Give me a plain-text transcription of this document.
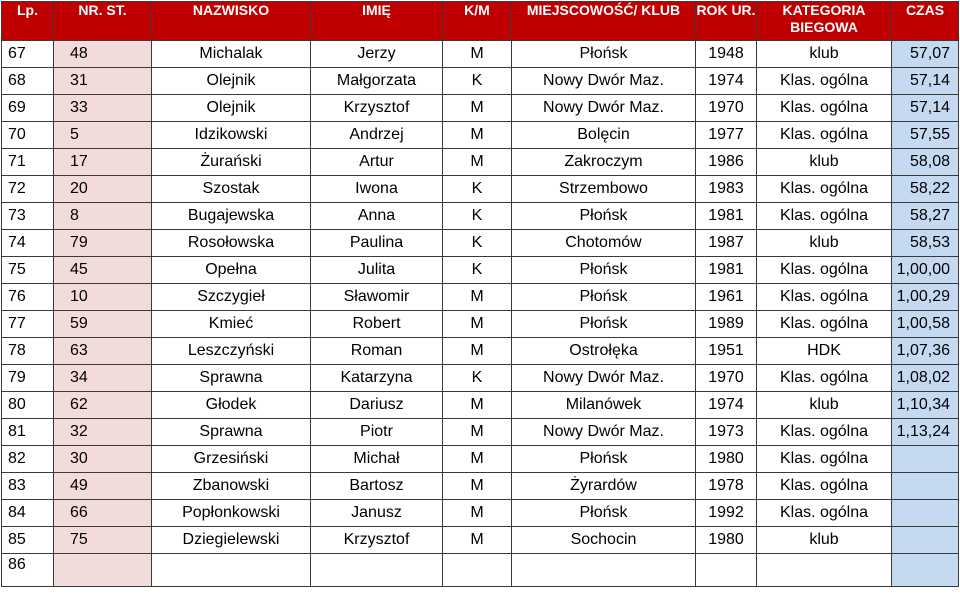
Lp.	NR. ST.	NAZWISKO	IMIĘ	K/M	MIEJSCOWOŚĆ/ KLUB	ROK UR.	KATEGORIA BIEGOWA	CZAS
67	48	Michalak	Jerzy	M	Płońsk	1948	klub	57,07
68	31	Olejnik	Małgorzata	K	Nowy Dwór Maz.	1974	Klas. ogólna	57,14
69	33	Olejnik	Krzysztof	M	Nowy Dwór Maz.	1970	Klas. ogólna	57,14
70	5	Idzikowski	Andrzej	M	Bolęcin	1977	Klas. ogólna	57,55
71	17	Żurański	Artur	M	Zakroczym	1986	klub	58,08
72	20	Szostak	Iwona	K	Strzembowo	1983	Klas. ogólna	58,22
73	8	Bugajewska	Anna	K	Płońsk	1981	Klas. ogólna	58,27
74	79	Rosołowska	Paulina	K	Chotomów	1987	klub	58,53
75	45	Opełna	Julita	K	Płońsk	1981	Klas. ogólna	1,00,00
76	10	Szczygieł	Sławomir	M	Płońsk	1961	Klas. ogólna	1,00,29
77	59	Kmieć	Robert	M	Płońsk	1989	Klas. ogólna	1,00,58
78	63	Leszczyński	Roman	M	Ostrołęka	1951	HDK	1,07,36
79	34	Sprawna	Katarzyna	K	Nowy Dwór Maz.	1970	Klas. ogólna	1,08,02
80	62	Głodek	Dariusz	M	Milanówek	1974	klub	1,10,34
81	32	Sprawna	Piotr	M	Nowy Dwór Maz.	1973	Klas. ogólna	1,13,24
82	30	Grzesiński	Michał	M	Płońsk	1980	Klas. ogólna	
83	49	Zbanowski	Bartosz	M	Żyrardów	1978	Klas. ogólna	
84	66	Popłonkowski	Janusz	M	Płońsk	1992	Klas. ogólna	
85	75	Dziegielewski	Krzysztof	M	Sochocin	1980	klub	
86								
